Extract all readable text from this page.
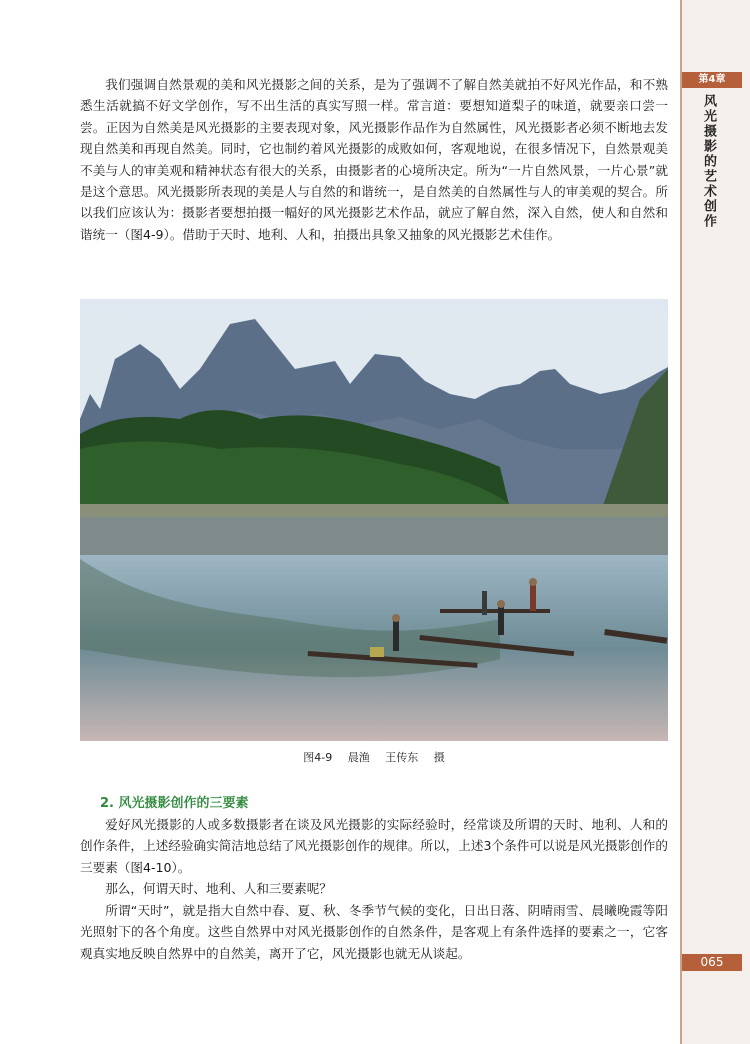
第4章
风光摄影的艺术创作
065

我们强调自然景观的美和风光摄影之间的关系，是为了强调不了解自然美就拍不好风光作品，和不熟悉生活就搞不好文学创作，写不出生活的真实写照一样。常言道：要想知道梨子的味道，就要亲口尝一尝。正因为自然美是风光摄影的主要表现对象，风光摄影作品作为自然属性，风光摄影者必须不断地去发现自然美和再现自然美。同时，它也制约着风光摄影的成败如何，客观地说，在很多情况下，自然景观美不美与人的审美观和精神状态有很大的关系，由摄影者的心境所决定。所为“一片自然风景，一片心景”就是这个意思。风光摄影所表现的美是人与自然的和谐统一，是自然美的自然属性与人的审美观的契合。所以我们应该认为：摄影者要想拍摄一幅好的风光摄影艺术作品，就应了解自然，深入自然，使人和自然和谐统一（图4-9）。借助于天时、地利、人和，拍摄出具象又抽象的风光摄影艺术佳作。

图4-9 晨渔 王传东 摄
2. 风光摄影创作的三要素

爱好风光摄影的人或多数摄影者在谈及风光摄影的实际经验时，经常谈及所谓的天时、地利、人和的创作条件，上述经验确实简洁地总结了风光摄影创作的规律。所以，上述3个条件可以说是风光摄影创作的三要素（图4-10）。

那么，何谓天时、地利、人和三要素呢？

所谓“天时”，就是指大自然中春、夏、秋、冬季节气候的变化，日出日落、阴晴雨雪、晨曦晚霞等阳光照射下的各个角度。这些自然界中对风光摄影创作的自然条件，是客观上有条件选择的要素之一，它客观真实地反映自然界中的自然美，离开了它，风光摄影也就无从谈起。
